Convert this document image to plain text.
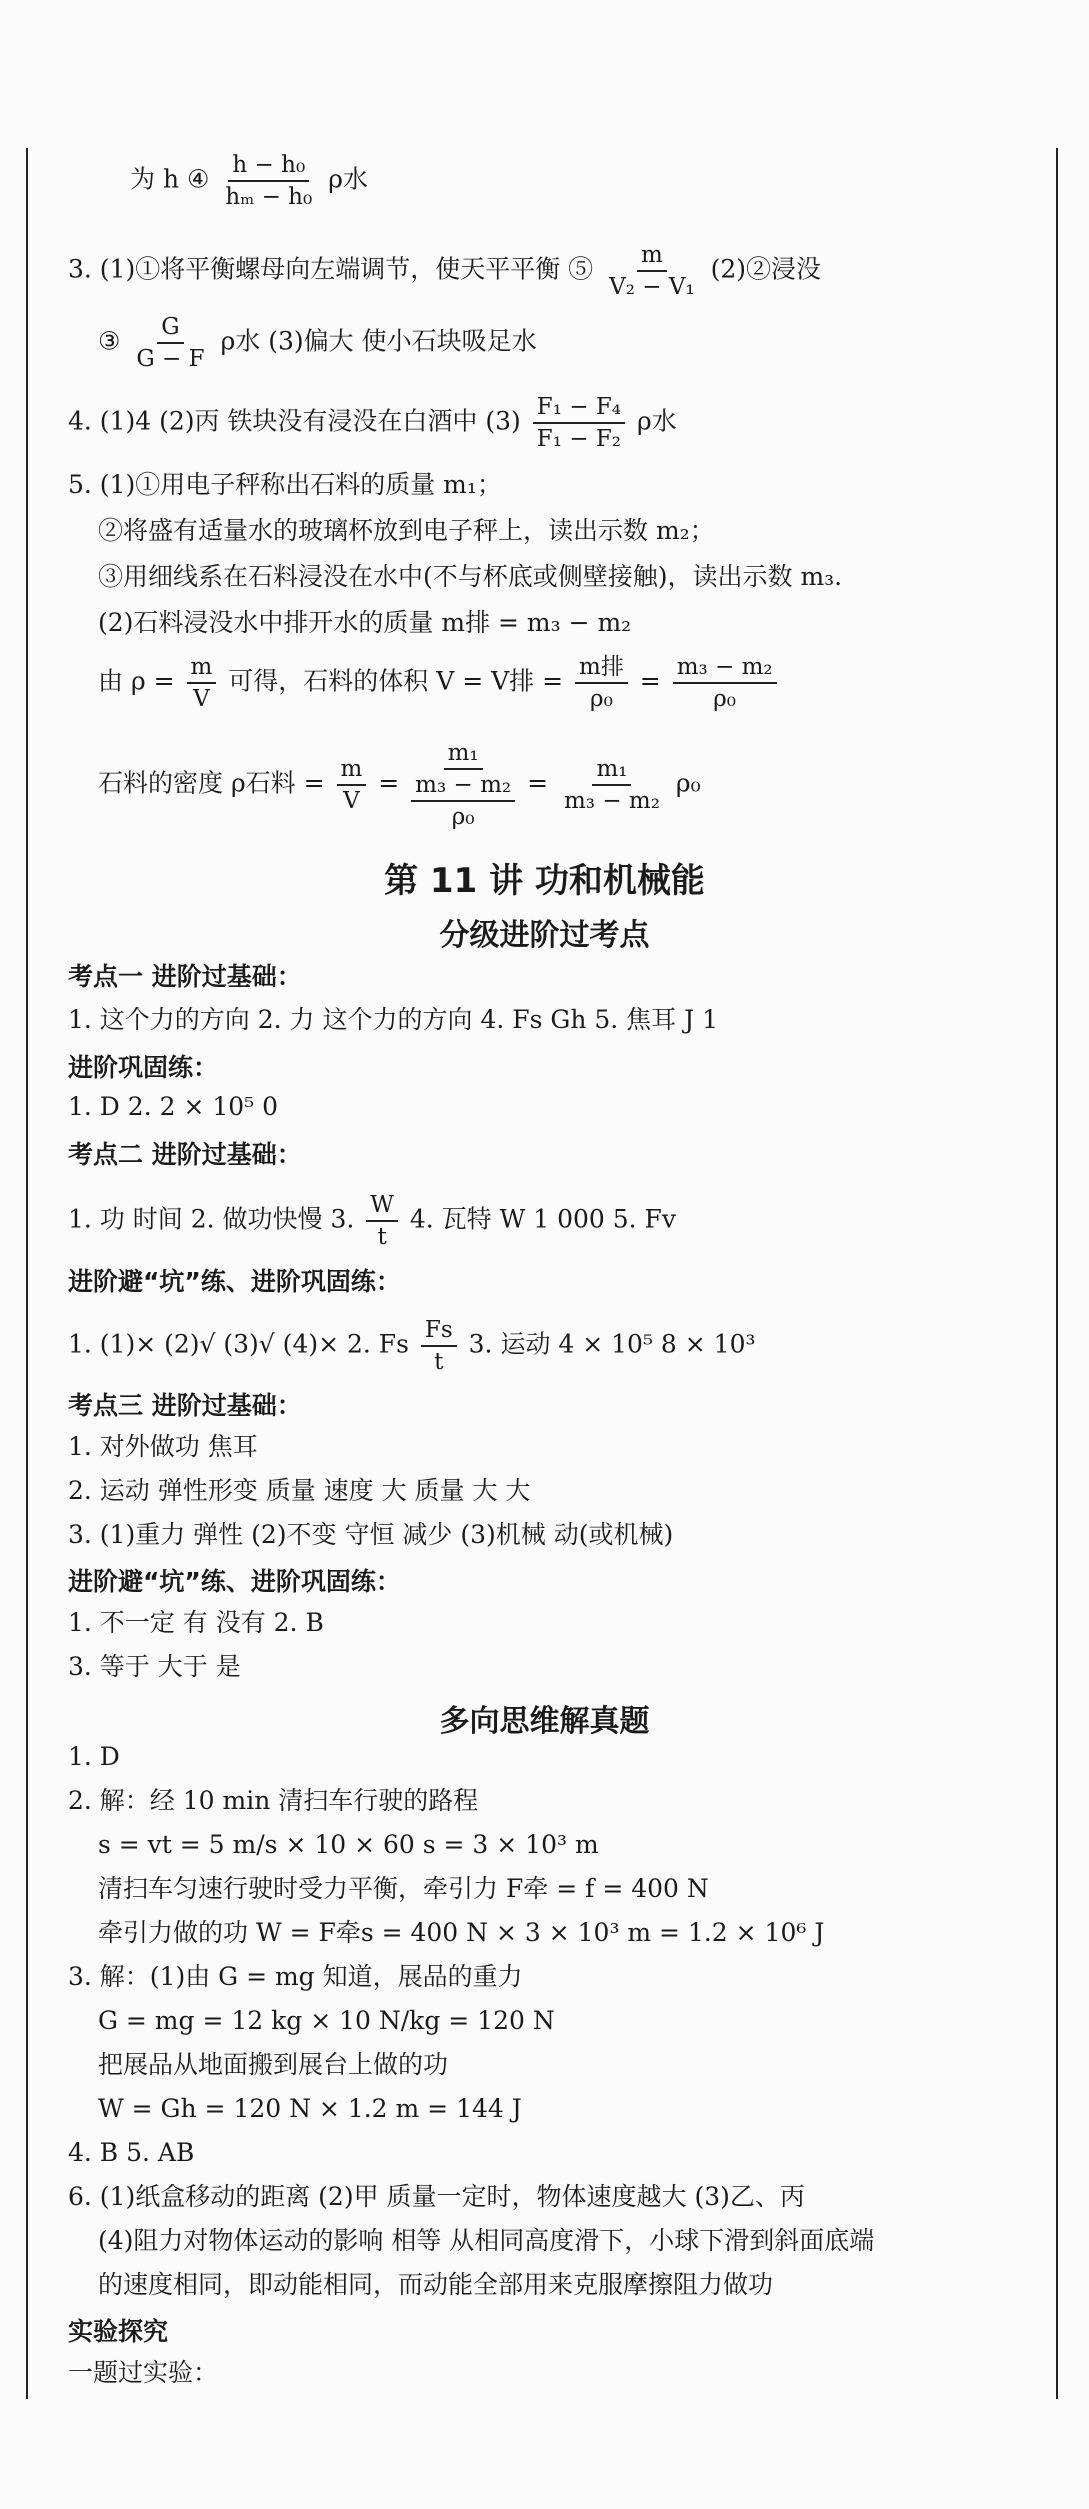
为 h ④ $\frac{\text{h − h₀}}{\text{hₘ − h₀}}$ ρ水
3. (1)①将平衡螺母向左端调节，使天平平衡 ⑤ $\frac{m}{\text{V₂ − V₁}}$ (2)②浸没
③ $\frac{G}{G - F}$ ρ水 (3)偏大 使小石块吸足水
4. (1)4 (2)丙 铁块没有浸没在白酒中 $(3) \frac{\text{F₁ − F₄}}{\text{F₁ − F₂}}$ ρ水
5. (1)①用电子秤称出石料的质量 m₁；
②将盛有适量水的玻璃杯放到电子秤上，读出示数 m₂；
③用细线系在石料浸没在水中(不与杯底或侧壁接触)，读出示数 m₃.
(2)石料浸没水中排开水的质量 m排 = m₃ − m₂
由 $\rho = \frac{m}{V}$ 可得，石料的体积 V = V排 = $\frac{\text{m排}}{\text{ρ₀}} = \frac{\text{m₃ − m₂}}{\text{ρ₀}}$
石料的密度 ρ石料 = $\frac{m}{V}$ =
m₁
m₃ − m₂
ρ₀
= $\frac{\text{m₁}}{\text{m₃ − m₂}} \rho_0$
第 11 讲 功和机械能
分级进阶过考点
考点一 进阶过基础：
1. 这个力的方向 2. 力 这个力的方向 4. Fs Gh 5. 焦耳 J 1
进阶巩固练：
1. D 2. 2 × 10⁵ 0
考点二 进阶过基础：
1. 功 时间 2. 做功快慢 3. $\frac{W}{t} 4$. 瓦特 W 1 000 5. Fv
进阶避“坑”练、进阶巩固练：
1. (1)× (2)√ (3)√ (4)× 2. Fs $\frac{Fs}{t} 3$. 运动 4 × 10⁵ 8 × 10³
考点三 进阶过基础：
1. 对外做功 焦耳
2. 运动 弹性形变 质量 速度 大 质量 大 大
3. (1)重力 弹性 (2)不变 守恒 减少 (3)机械 动(或机械)
进阶避“坑”练、进阶巩固练：
1. 不一定 有 没有 2. B
3. 等于 大于 是
多向思维解真题
1. D
2. 解：经 10 min 清扫车行驶的路程
s = vt = 5 m/s × 10 × 60 s = 3 × 10³ m
清扫车匀速行驶时受力平衡，牵引力 F牵 = f = 400 N
牵引力做的功 W = F牵s = 400 N × 3 × 10³ m = 1.2 × 10⁶ J
3. 解：(1)由 G = mg 知道，展品的重力
G = mg = 12 kg × 10 N/kg = 120 N
把展品从地面搬到展台上做的功
W = Gh = 120 N × 1.2 m = 144 J
4. B 5. AB
6. (1)纸盒移动的距离 (2)甲 质量一定时，物体速度越大 (3)乙、丙
(4)阻力对物体运动的影响 相等 从相同高度滑下，小球下滑到斜面底端
的速度相同，即动能相同，而动能全部用来克服摩擦阻力做功
实验探究
一题过实验：
